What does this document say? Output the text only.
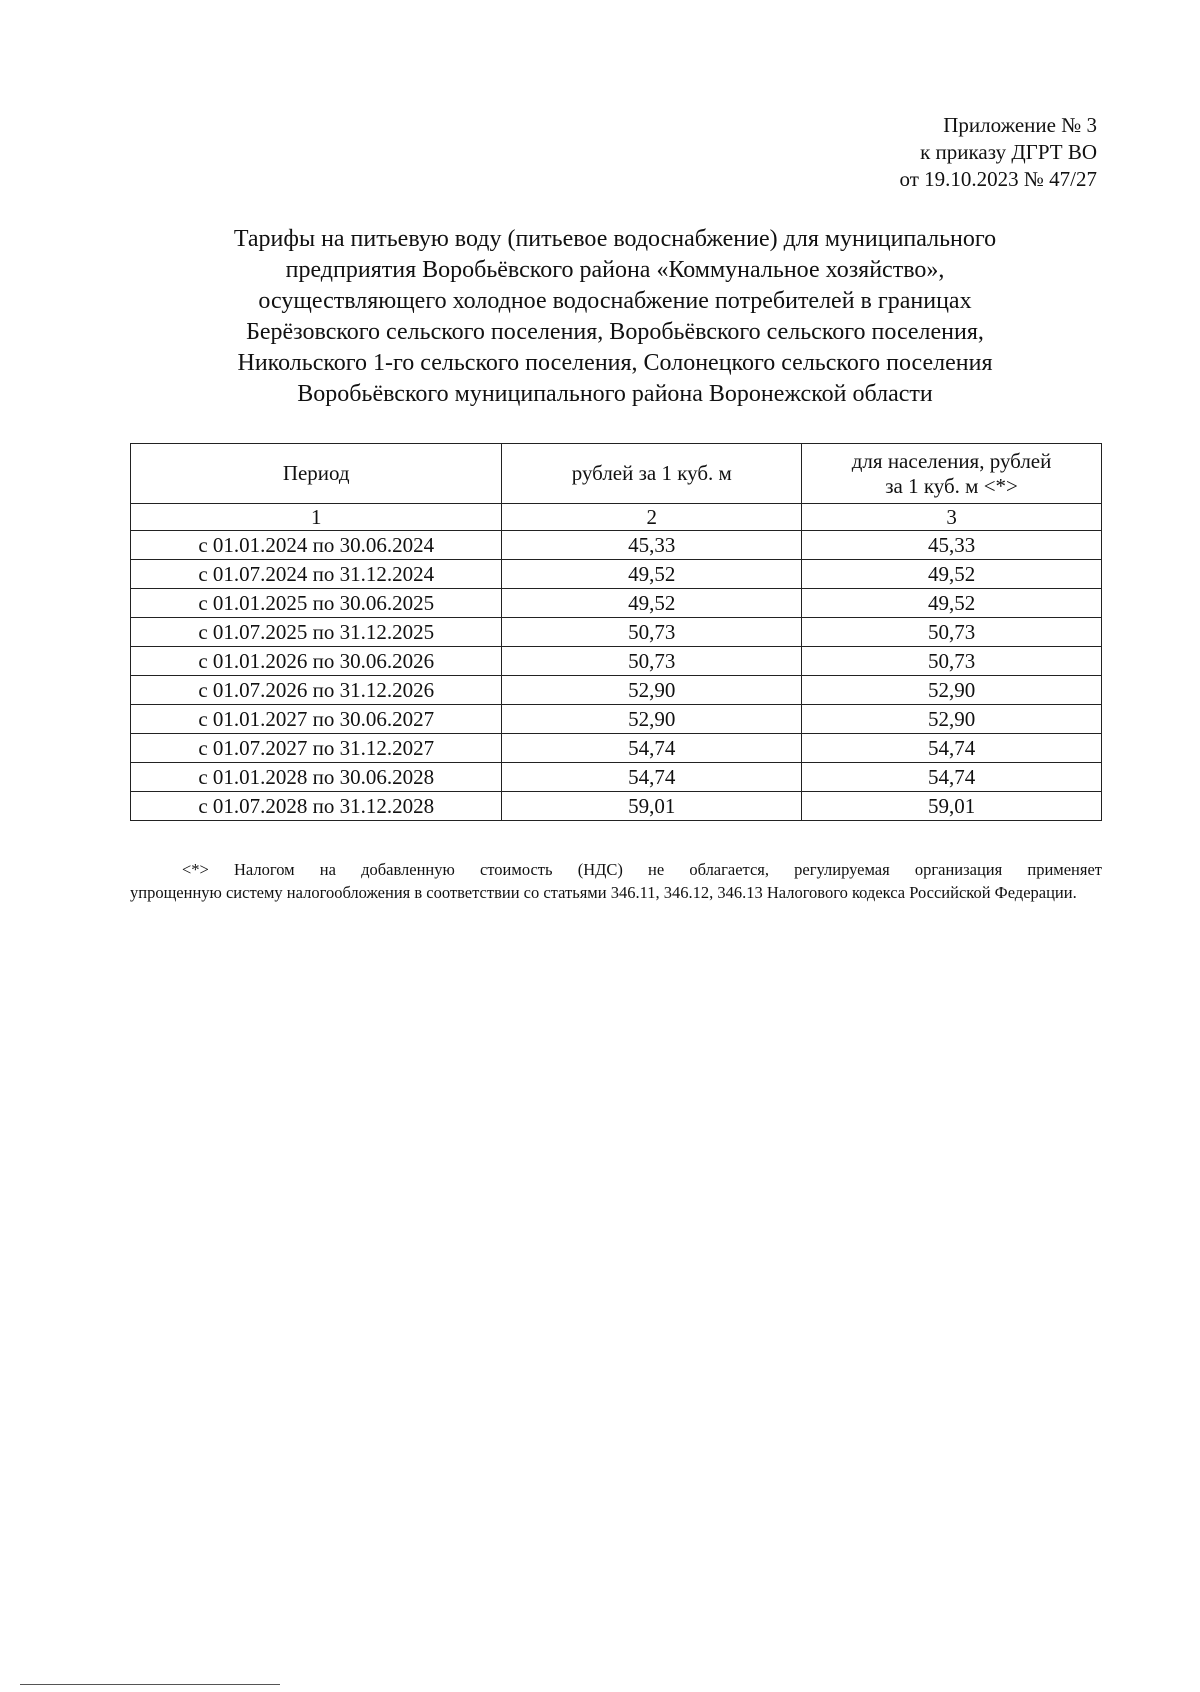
Приложение № 3
к приказу ДГРТ ВО
от 19.10.2023 № 47/27
Тарифы на питьевую воду (питьевое водоснабжение) для муниципального
предприятия Воробьёвского района «Коммунальное хозяйство»,
осуществляющего холодное водоснабжение потребителей в границах
Берёзовского сельского поселения, Воробьёвского сельского поселения,
Никольского 1-го сельского поселения, Солонецкого сельского поселения
Воробьёвского муниципального района Воронежской области
Период	рублей за 1 куб. м	для населения, рублей
за 1 куб. м <*>
1	2	3
с 01.01.2024 по 30.06.2024	45,33	45,33
с 01.07.2024 по 31.12.2024	49,52	49,52
с 01.01.2025 по 30.06.2025	49,52	49,52
с 01.07.2025 по 31.12.2025	50,73	50,73
с 01.01.2026 по 30.06.2026	50,73	50,73
с 01.07.2026 по 31.12.2026	52,90	52,90
с 01.01.2027 по 30.06.2027	52,90	52,90
с 01.07.2027 по 31.12.2027	54,74	54,74
с 01.01.2028 по 30.06.2028	54,74	54,74
с 01.07.2028 по 31.12.2028	59,01	59,01
<*> Налогом на добавленную стоимость (НДС) не облагается, регулируемая организация применяет
упрощенную систему налогообложения в соответствии со статьями 346.11, 346.12, 346.13 Налогового кодекса Российской Федерации.
